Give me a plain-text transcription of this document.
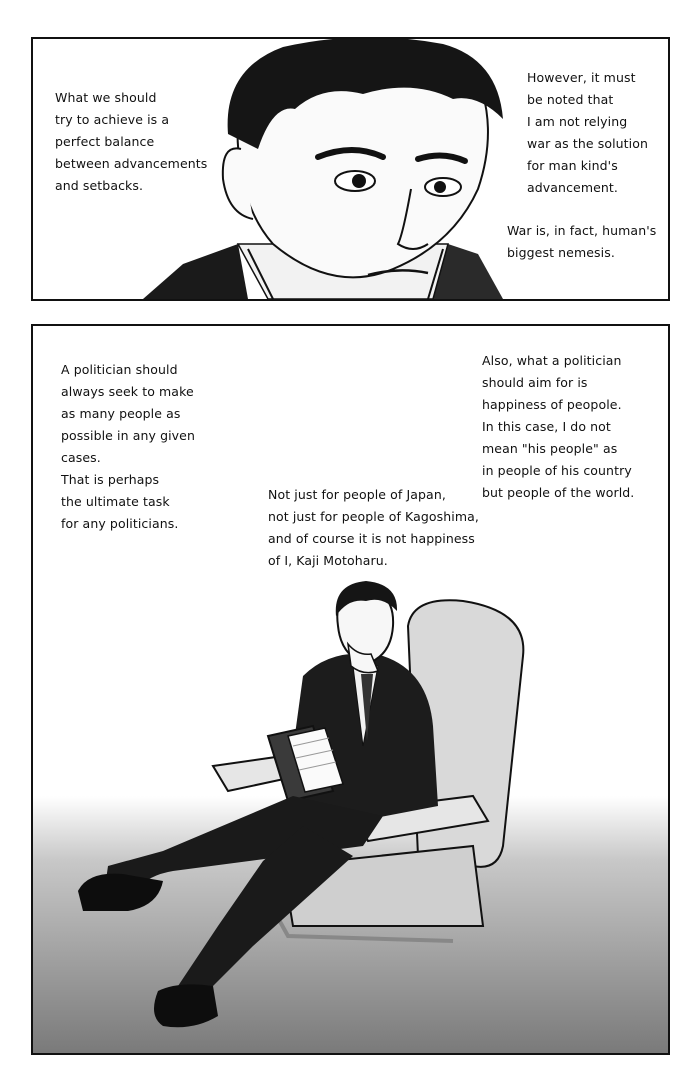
What we should
try to achieve is a
perfect balance
between advancements
and setbacks.
However, it must
be noted that
I am not relying
war as the solution
for man kind's
advancement.
War is, in fact, human's
biggest nemesis.
A politician should
always seek to make
as many people as
possible in any given
cases.
That is perhaps
the ultimate task
for any politicians.
Also, what a politician
should aim for is
happiness of peopole.
In this case, I do not
mean "his people" as
in people of his country
but people of the world.
Not just for people of Japan,
not just for people of Kagoshima,
and of course it is not happiness
of I, Kaji Motoharu.
